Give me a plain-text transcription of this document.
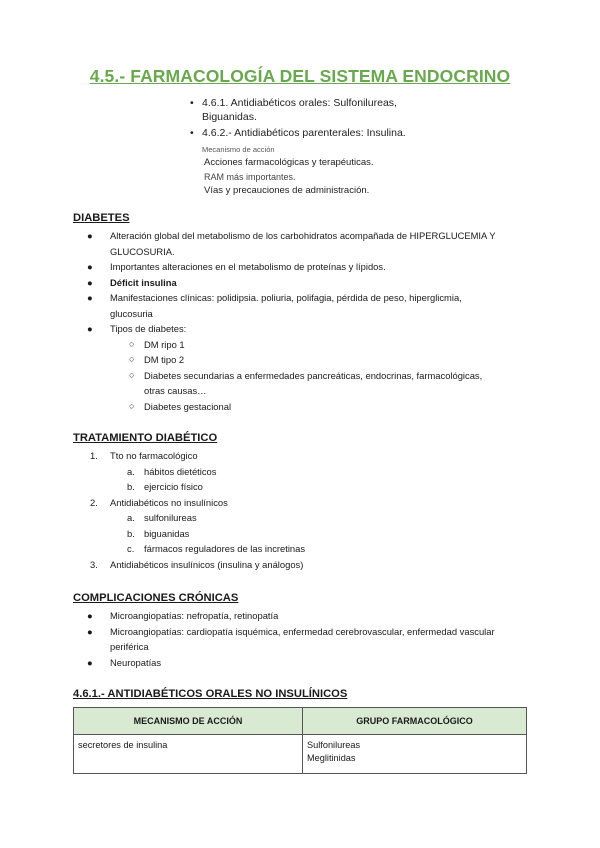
4.5.- FARMACOLOGÍA DEL SISTEMA ENDOCRINO
• 4.6.1. Antidiabéticos orales: Sulfonilureas,
Biguanidas.
• 4.6.2.- Antidiabéticos parenterales: Insulina.
Mecanismo de acción
Acciones farmacológicas y terapéuticas.
RAM más importantes.
Vías y precauciones de administración.
DIABETES
● Alteración global del metabolismo de los carbohidratos acompañada de HIPERGLUCEMIA Y
GLUCOSURIA.
● Importantes alteraciones en el metabolismo de proteínas y lípidos.
● Déficit insulina
● Manifestaciones clínicas: polidipsia. poliuria, polifagia, pérdida de peso, hiperglicmia,
glucosuria
● Tipos de diabetes:
○ DM ripo 1
○ DM tipo 2
○ Diabetes secundarias a enfermedades pancreáticas, endocrinas, farmacológicas,
otras causas…
○ Diabetes gestacional
TRATAMIENTO DIABÉTICO
1. Tto no farmacológico
a. hábitos dietéticos
b. ejercicio físico
2. Antidiabéticos no insulínicos
a. sulfonilureas
b. biguanidas
c. fármacos reguladores de las incretinas
3. Antidiabéticos insulínicos (insulina y análogos)
COMPLICACIONES CRÓNICAS
● Microangiopatías: nefropatía, retinopatía
● Microangiopatías: cardiopatía isquémica, enfermedad cerebrovascular, enfermedad vascular
periférica
● Neuropatías
4.6.1.- ANTIDIABÉTICOS ORALES NO INSULÍNICOS
MECANISMO DE ACCIÓN	GRUPO FARMACOLÓGICO
secretores de insulina	Sulfonilureas
Meglitinidas
